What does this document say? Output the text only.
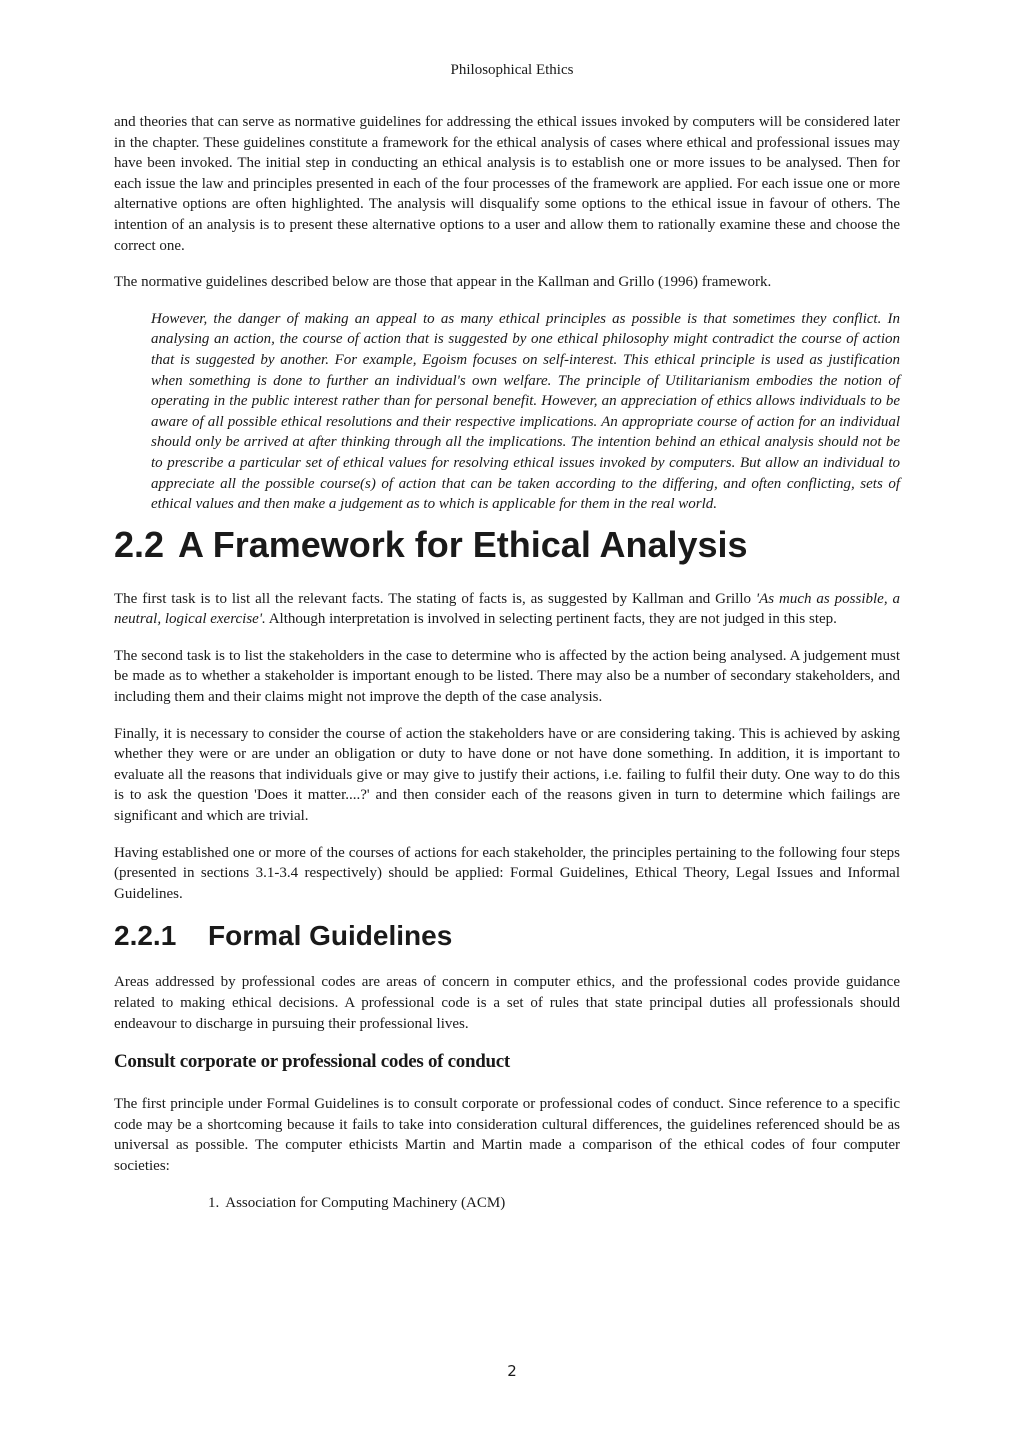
Philosophical Ethics

and theories that can serve as normative guidelines for addressing the ethical issues invoked by computers will be considered later in the chapter. These guidelines constitute a framework for the ethical analysis of cases where ethical and professional issues may have been invoked. The initial step in conducting an ethical analysis is to establish one or more issues to be analysed. Then for each issue the law and principles presented in each of the four processes of the framework are applied. For each issue one or more alternative options are often highlighted. The analysis will disqualify some options to the ethical issue in favour of others. The intention of an analysis is to present these alternative options to a user and allow them to rationally examine these and choose the correct one.

The normative guidelines described below are those that appear in the Kallman and Grillo (1996) framework.

However, the danger of making an appeal to as many ethical principles as possible is that sometimes they conflict. In analysing an action, the course of action that is suggested by one ethical philosophy might contradict the course of action that is suggested by another. For example, Egoism focuses on self-interest. This ethical principle is used as justification when something is done to further an individual's own welfare. The principle of Utilitarianism embodies the notion of operating in the public interest rather than for personal benefit. However, an appreciation of ethics allows individuals to be aware of all possible ethical resolutions and their respective implications. An appropriate course of action for an individual should only be arrived at after thinking through all the implications. The intention behind an ethical analysis should not be to prescribe a particular set of ethical values for resolving ethical issues invoked by computers. But allow an individual to appreciate all the possible course(s) of action that can be taken according to the differing, and often conflicting, sets of ethical values and then make a judgement as to which is applicable for them in the real world.
2.2 A Framework for Ethical Analysis

The first task is to list all the relevant facts. The stating of facts is, as suggested by Kallman and Grillo 'As much as possible, a neutral, logical exercise'. Although interpretation is involved in selecting pertinent facts, they are not judged in this step.

The second task is to list the stakeholders in the case to determine who is affected by the action being analysed. A judgement must be made as to whether a stakeholder is important enough to be listed. There may also be a number of secondary stakeholders, and including them and their claims might not improve the depth of the case analysis.

Finally, it is necessary to consider the course of action the stakeholders have or are considering taking. This is achieved by asking whether they were or are under an obligation or duty to have done or not have done something. In addition, it is important to evaluate all the reasons that individuals give or may give to justify their actions, i.e. failing to fulfil their duty. One way to do this is to ask the question 'Does it matter....?' and then consider each of the reasons given in turn to determine which failings are significant and which are trivial.

Having established one or more of the courses of actions for each stakeholder, the principles pertaining to the following four steps (presented in sections 3.1-3.4 respectively) should be applied: Formal Guidelines, Ethical Theory, Legal Issues and Informal Guidelines.

2.2.1 Formal Guidelines

Areas addressed by professional codes are areas of concern in computer ethics, and the professional codes provide guidance related to making ethical decisions. A professional code is a set of rules that state principal duties all professionals should endeavour to discharge in pursuing their professional lives.

Consult corporate or professional codes of conduct

The first principle under Formal Guidelines is to consult corporate or professional codes of conduct. Since reference to a specific code may be a shortcoming because it fails to take into consideration cultural differences, the guidelines referenced should be as universal as possible. The computer ethicists Martin and Martin made a comparison of the ethical codes of four computer societies:

1. Association for Computing Machinery (ACM)
2
